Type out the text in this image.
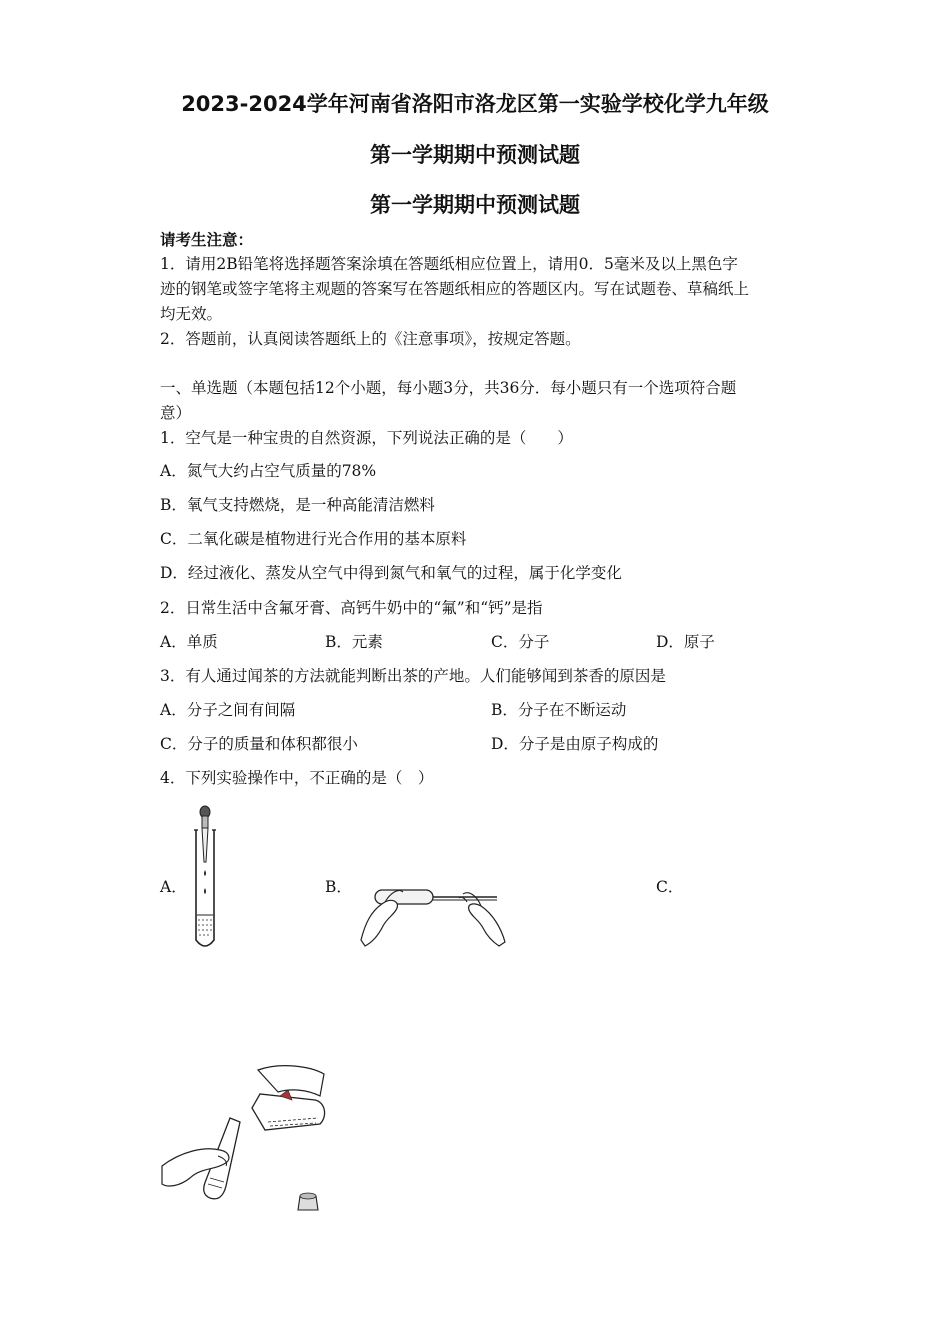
2023-2024学年河南省洛阳市洛龙区第一实验学校化学九年级
第一学期期中预测试题
第一学期期中预测试题
请考生注意：
1．请用2B铅笔将选择题答案涂填在答题纸相应位置上，请用0．5毫米及以上黑色字
迹的钢笔或签字笔将主观题的答案写在答题纸相应的答题区内。写在试题卷、草稿纸上
均无效。
2．答题前，认真阅读答题纸上的《注意事项》，按规定答题。
一、单选题（本题包括12个小题，每小题3分，共36分．每小题只有一个选项符合题
意）
1．空气是一种宝贵的自然资源，下列说法正确的是（　　）
A．氮气大约占空气质量的78%
B．氧气支持燃烧，是一种高能清洁燃料
C．二氧化碳是植物进行光合作用的基本原料
D．经过液化、蒸发从空气中得到氮气和氧气的过程，属于化学变化
2．日常生活中含氟牙膏、高钙牛奶中的“氟”和“钙”是指
A．单质	B．元素	C．分子	D．原子
3．有人通过闻茶的方法就能判断出茶的产地。人们能够闻到茶香的原因是
A．分子之间有间隔	B．分子在不断运动
C．分子的质量和体积都很小	D．分子是由原子构成的
4．下列实验操作中，不正确的是（　）
A．	B．	C．
